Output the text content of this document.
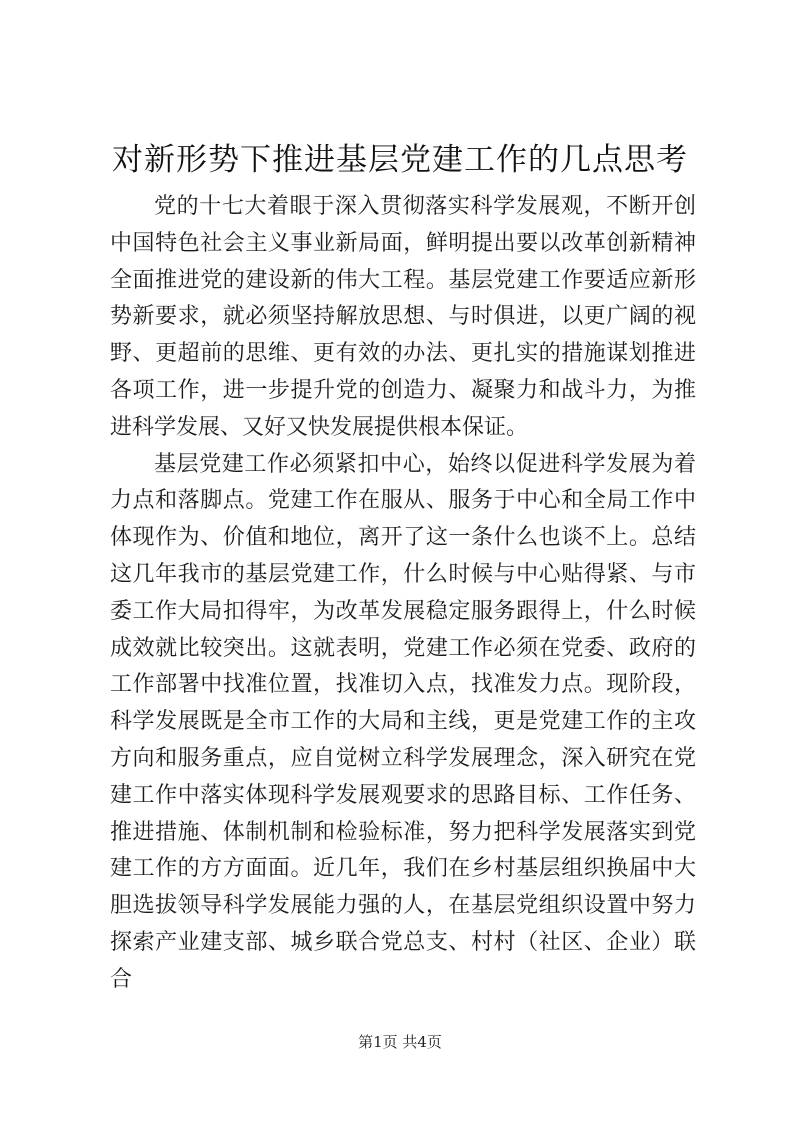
对新形势下推进基层党建工作的几点思考

党的十七大着眼于深入贯彻落实科学发展观，不断开创中国特色社会主义事业新局面，鲜明提出要以改革创新精神全面推进党的建设新的伟大工程。基层党建工作要适应新形势新要求，就必须坚持解放思想、与时俱进，以更广阔的视野、更超前的思维、更有效的办法、更扎实的措施谋划推进各项工作，进一步提升党的创造力、凝聚力和战斗力，为推进科学发展、又好又快发展提供根本保证。

基层党建工作必须紧扣中心，始终以促进科学发展为着力点和落脚点。党建工作在服从、服务于中心和全局工作中体现作为、价值和地位，离开了这一条什么也谈不上。总结这几年我市的基层党建工作，什么时候与中心贴得紧、与市委工作大局扣得牢，为改革发展稳定服务跟得上，什么时候成效就比较突出。这就表明，党建工作必须在党委、政府的工作部署中找准位置，找准切入点，找准发力点。现阶段，科学发展既是全市工作的大局和主线，更是党建工作的主攻方向和服务重点，应自觉树立科学发展理念，深入研究在党建工作中落实体现科学发展观要求的思路目标、工作任务、推进措施、体制机制和检验标准，努力把科学发展落实到党建工作的方方面面。近几年，我们在乡村基层组织换届中大胆选拔领导科学发展能力强的人，在基层党组织设置中努力探索产业建支部、城乡联合党总支、村村（社区、企业）联合

第1页 共4页
